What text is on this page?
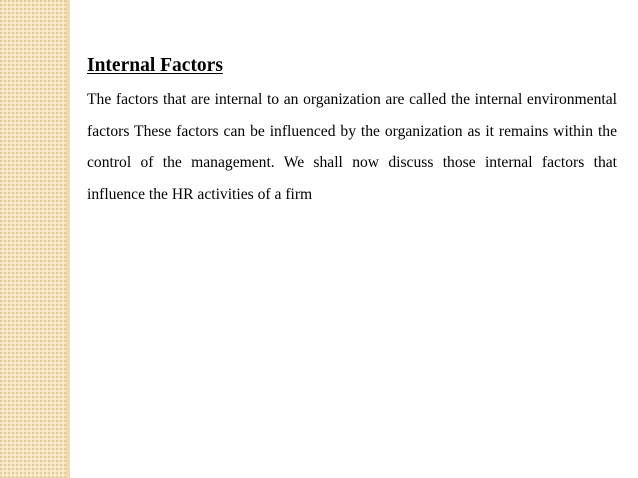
Internal Factors

The factors that are internal to an organization are called the internal environmental factors These factors can be influenced by the organization as it remains within the control of the management. We shall now discuss those internal factors that influence the HR activities of a firm
